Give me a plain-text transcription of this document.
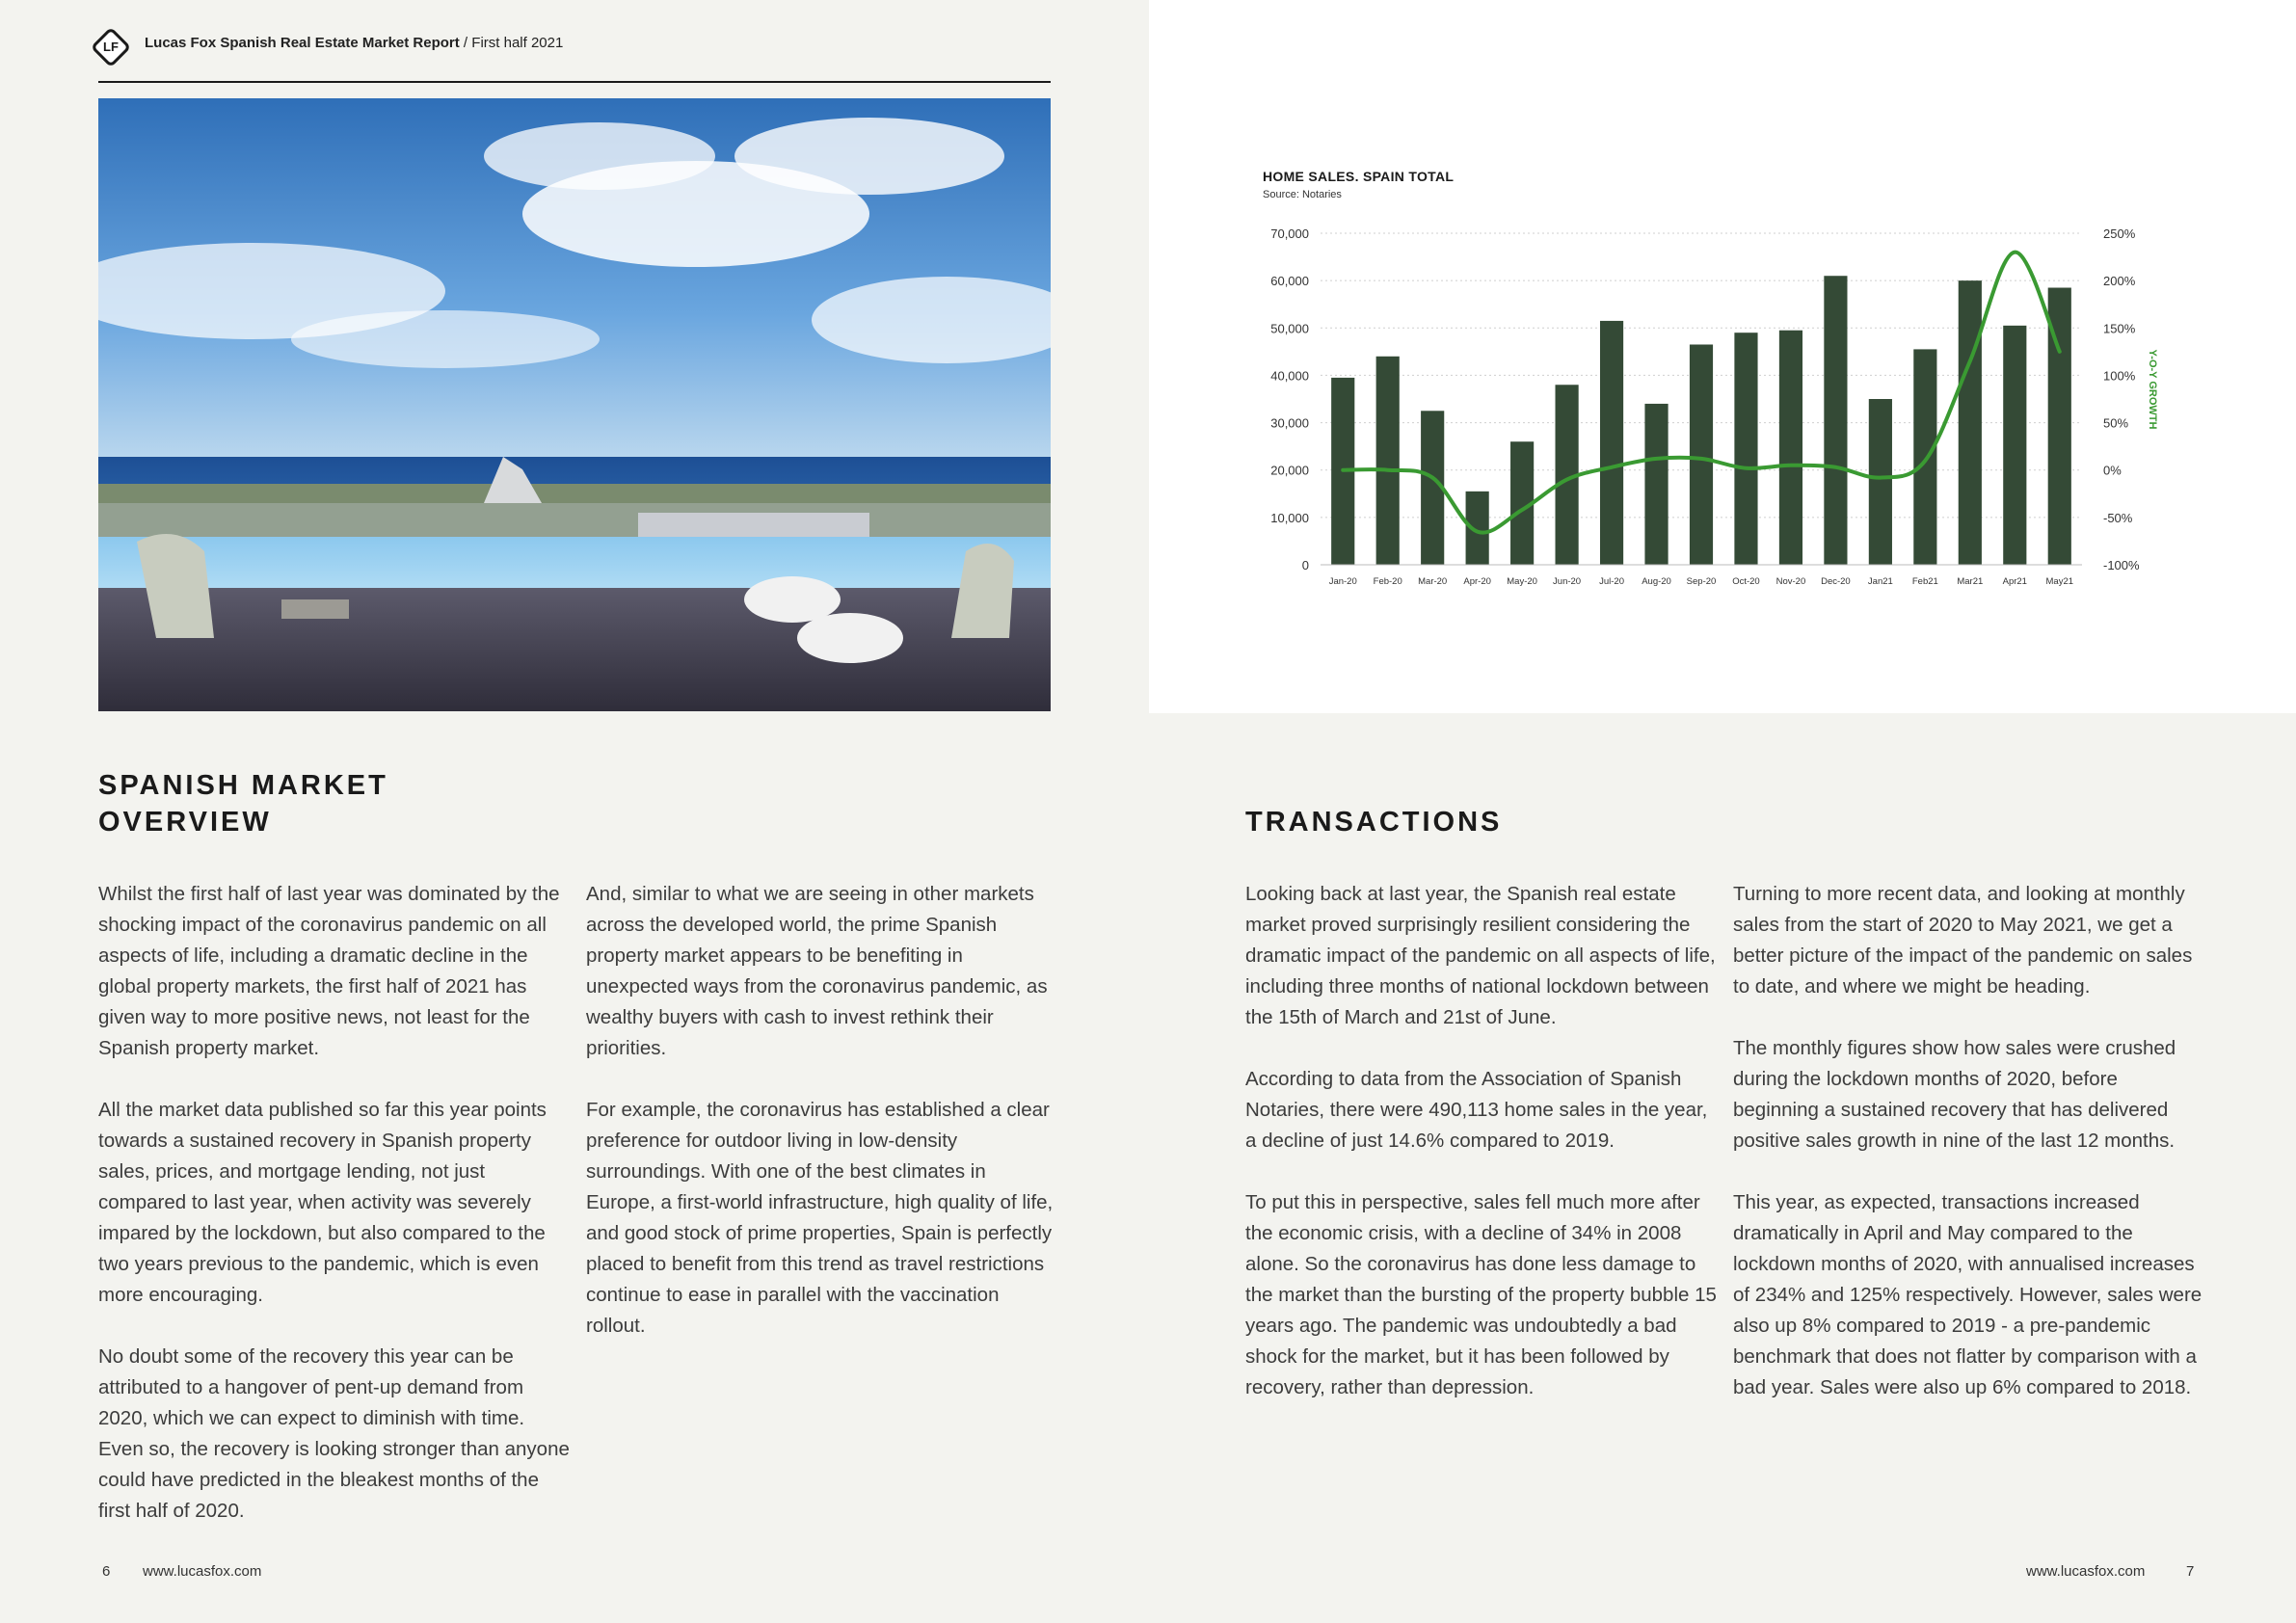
LF	Lucas Fox Spanish Real Estate Market Report / First half 2021
HOME SALES. SPAIN TOTAL
Source: Notaries
70,000
60,000
50,000
40,000
30,000
20,000
10,000
0
250%
200%
150%
100%
50%
0%
-50%
-100%
Y-O-Y GROWTH
Jan-20 Feb-20 Mar-20 Apr-20 May-20 Jun-20 Jul-20 Aug-20 Sep-20 Oct-20 Nov-20 Dec-20 Jan21 Feb21 Mar21 Apr21 May21
SPANISH MARKET
OVERVIEW

Whilst the first half of last year was dominated by the shocking impact of the coronavirus pandemic on all aspects of life, including a dramatic decline in the global property markets, the first half of 2021 has given way to more positive news, not least for the Spanish property market.

All the market data published so far this year points towards a sustained recovery in Spanish property sales, prices, and mortgage lending, not just compared to last year, when activity was severely impared by the lockdown, but also compared to the two years previous to the pandemic, which is even more encouraging.

No doubt some of the recovery this year can be attributed to a hangover of pent-up demand from 2020, which we can expect to diminish with time. Even so, the recovery is looking stronger than anyone could have predicted in the bleakest months of the first half of 2020.

And, similar to what we are seeing in other markets across the developed world, the prime Spanish property market appears to be benefiting in unexpected ways from the coronavirus pandemic, as wealthy buyers with cash to invest rethink their priorities.

For example, the coronavirus has established a clear preference for outdoor living in low-density surroundings. With one of the best climates in Europe, a first-world infrastructure, high quality of life, and good stock of prime properties, Spain is perfectly placed to benefit from this trend as travel restrictions continue to ease in parallel with the vaccination rollout.

TRANSACTIONS

Looking back at last year, the Spanish real estate market proved surprisingly resilient considering the dramatic impact of the pandemic on all aspects of life, including three months of national lockdown between the 15th of March and 21st of June.

According to data from the Association of Spanish Notaries, there were 490,113 home sales in the year, a decline of just 14.6% compared to 2019.

To put this in perspective, sales fell much more after the economic crisis, with a decline of 34% in 2008 alone. So the coronavirus has done less damage to the market than the bursting of the property bubble 15 years ago. The pandemic was undoubtedly a bad shock for the market, but it has been followed by recovery, rather than depression.

Turning to more recent data, and looking at monthly sales from the start of 2020 to May 2021, we get a better picture of the impact of the pandemic on sales to date, and where we might be heading.

The monthly figures show how sales were crushed during the lockdown months of 2020, before beginning a sustained recovery that has delivered positive sales growth in nine of the last 12 months.

This year, as expected, transactions increased dramatically in April and May compared to the lockdown months of 2020, with annualised increases of 234% and 125% respectively. However, sales were also up 8% compared to 2019 - a pre-pandemic benchmark that does not flatter by comparison with a bad year. Sales were also up 6% compared to 2018.

6 www.lucasfox.com	www.lucasfox.com	7
